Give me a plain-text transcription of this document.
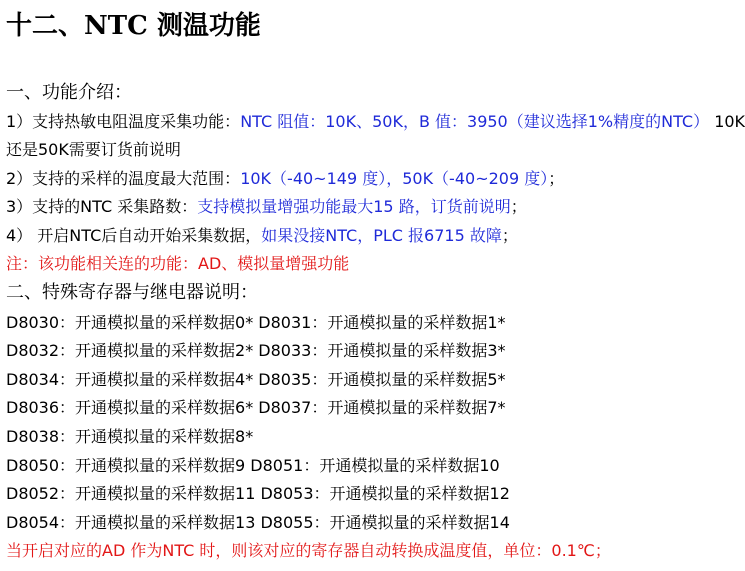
十二、NTC 测温功能
一、功能介绍：
1）支持热敏电阻温度采集功能：NTC 阻值：10K、50K，B 值：3950（建议选择1%精度的NTC） 10K还是50K需要订货前说明
2）支持的采样的温度最大范围：10K（-40~149 度），50K（-40~209 度）；
3）支持的NTC 采集路数：支持模拟量增强功能最大15 路，订货前说明；
4） 开启NTC后自动开始采集数据，如果没接NTC，PLC 报6715 故障；
注：该功能相关连的功能：AD、模拟量增强功能
二、特殊寄存器与继电器说明：
D8030：开通模拟量的采样数据0* D8031：开通模拟量的采样数据1*
D8032：开通模拟量的采样数据2* D8033：开通模拟量的采样数据3*
D8034：开通模拟量的采样数据4* D8035：开通模拟量的采样数据5*
D8036：开通模拟量的采样数据6* D8037：开通模拟量的采样数据7*
D8038：开通模拟量的采样数据8*
D8050：开通模拟量的采样数据9 D8051：开通模拟量的采样数据10
D8052：开通模拟量的采样数据11 D8053：开通模拟量的采样数据12
D8054：开通模拟量的采样数据13 D8055：开通模拟量的采样数据14
当开启对应的AD 作为NTC 时，则该对应的寄存器自动转换成温度值，单位：0.1℃；
